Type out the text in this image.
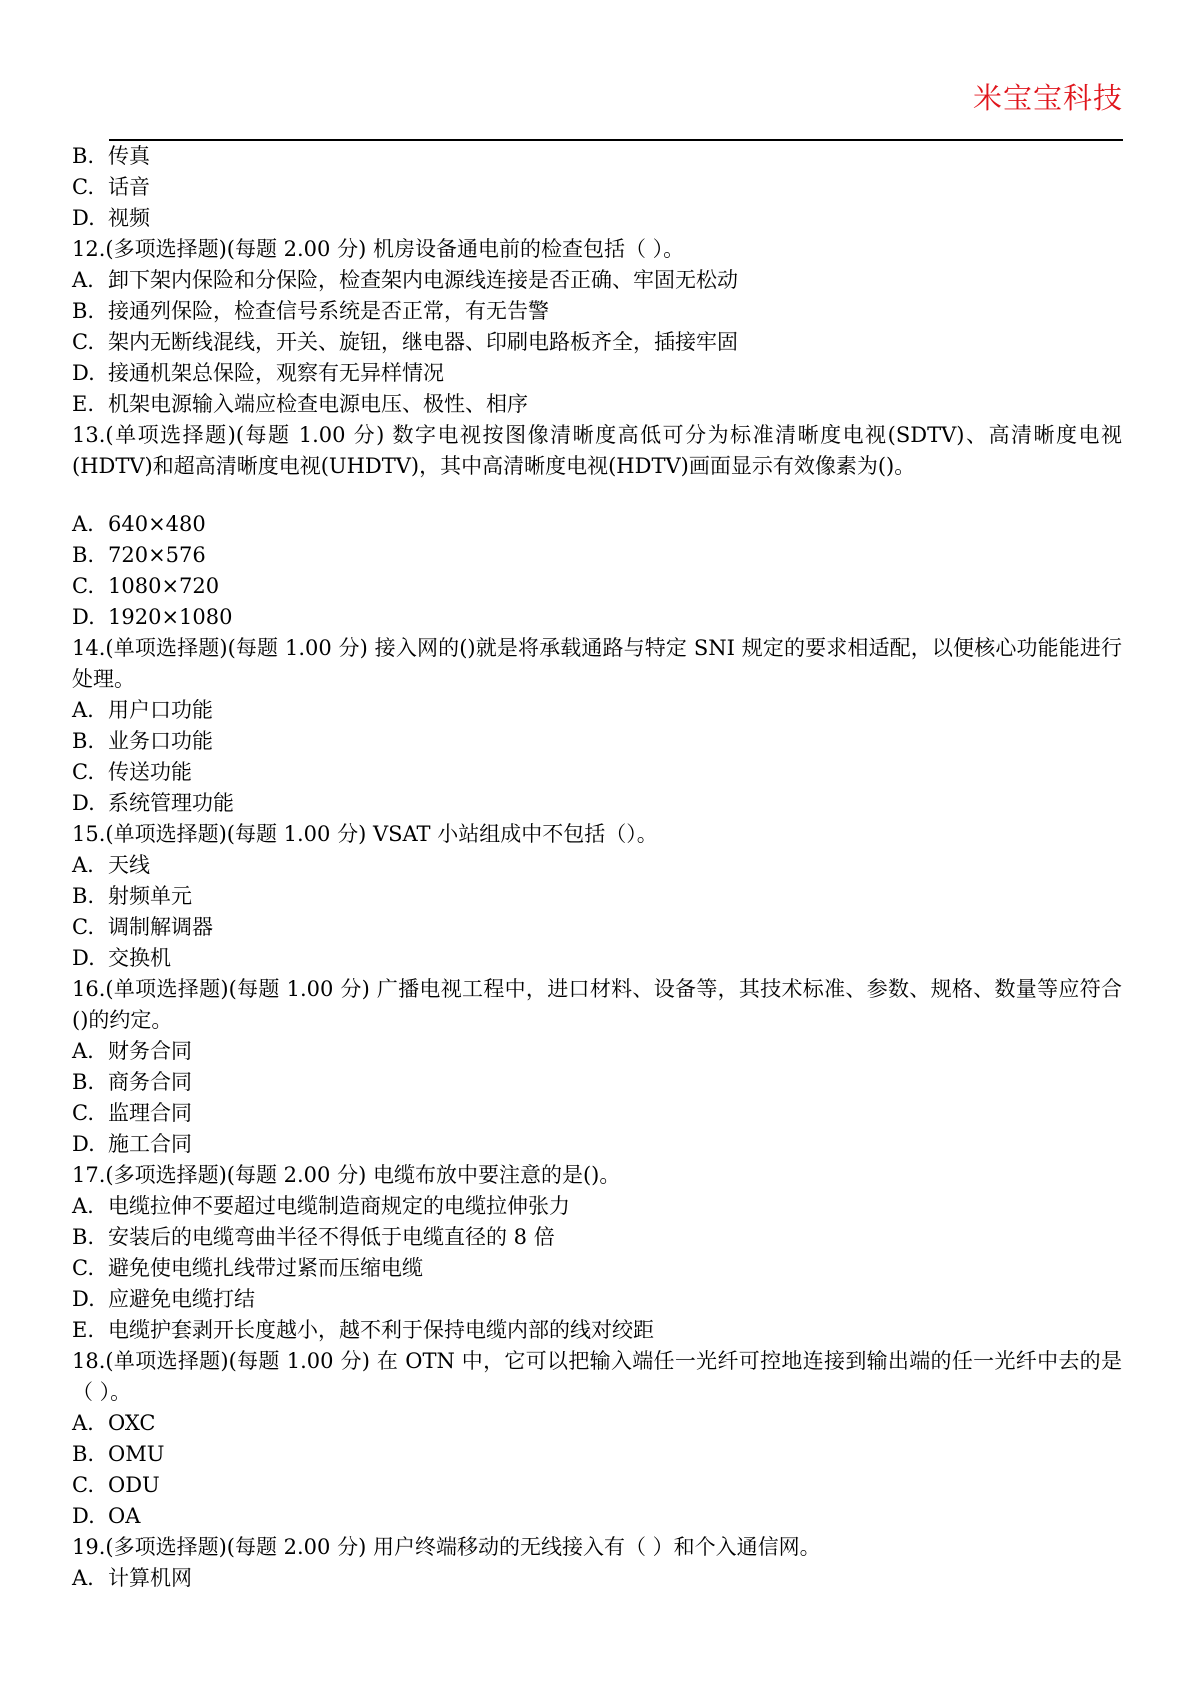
米宝宝科技
B. 传真
C. 话音
D. 视频
12.(多项选择题)(每题 2.00 分) 机房设备通电前的检查包括（ ）。
A. 卸下架内保险和分保险，检查架内电源线连接是否正确、牢固无松动
B. 接通列保险，检查信号系统是否正常，有无告警
C. 架内无断线混线，开关、旋钮，继电器、印刷电路板齐全，插接牢固
D. 接通机架总保险，观察有无异样情况
E. 机架电源输入端应检查电源电压、极性、相序
13.(单项选择题)(每题 1.00 分) 数字电视按图像清晰度高低可分为标准清晰度电视(SDTV)、高清晰度电视(HDTV)和超高清晰度电视(UHDTV)，其中高清晰度电视(HDTV)画面显示有效像素为()。
A. 640×480
B. 720×576
C. 1080×720
D. 1920×1080
14.(单项选择题)(每题 1.00 分) 接入网的()就是将承载通路与特定 SNI 规定的要求相适配，以便核心功能能进行处理。
A. 用户口功能
B. 业务口功能
C. 传送功能
D. 系统管理功能
15.(单项选择题)(每题 1.00 分) VSAT 小站组成中不包括（）。
A. 天线
B. 射频单元
C. 调制解调器
D. 交换机
16.(单项选择题)(每题 1.00 分) 广播电视工程中，进口材料、设备等，其技术标准、参数、规格、数量等应符合()的约定。
A. 财务合同
B. 商务合同
C. 监理合同
D. 施工合同
17.(多项选择题)(每题 2.00 分) 电缆布放中要注意的是()。
A. 电缆拉伸不要超过电缆制造商规定的电缆拉伸张力
B. 安装后的电缆弯曲半径不得低于电缆直径的 8 倍
C. 避免使电缆扎线带过紧而压缩电缆
D. 应避免电缆打结
E. 电缆护套剥开长度越小，越不利于保持电缆内部的线对绞距
18.(单项选择题)(每题 1.00 分) 在 OTN 中，它可以把输入端任一光纤可控地连接到输出端的任一光纤中去的是（ ）。
A. OXC
B. OMU
C. ODU
D. OA
19.(多项选择题)(每题 2.00 分) 用户终端移动的无线接入有（ ）和个入通信网。
A. 计算机网
